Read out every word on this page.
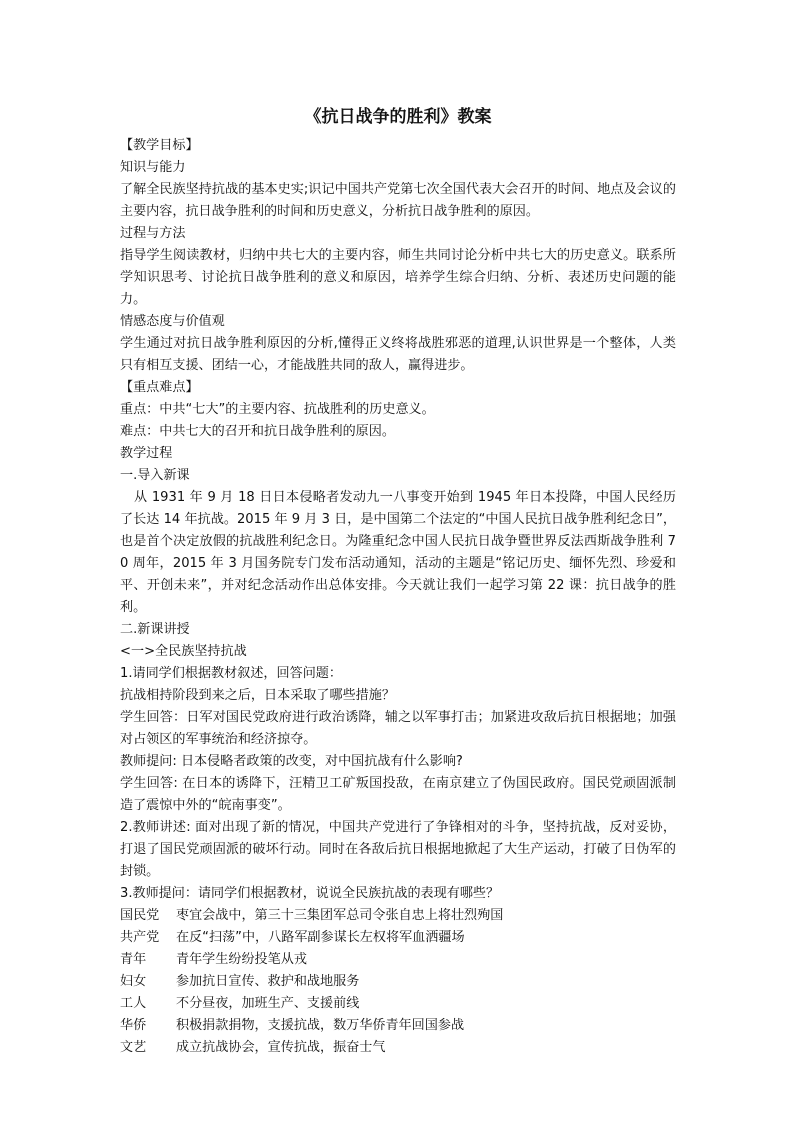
《抗日战争的胜利》教案

【教学目标】

知识与能力

了解全民族坚持抗战的基本史实;识记中国共产党第七次全国代表大会召开的时间、地点及会议的主要内容，抗日战争胜利的时间和历史意义，分析抗日战争胜利的原因。

过程与方法

指导学生阅读教材，归纳中共七大的主要内容，师生共同讨论分析中共七大的历史意义。联系所学知识思考、讨论抗日战争胜利的意义和原因，培养学生综合归纳、分析、表述历史问题的能力。

情感态度与价值观

学生通过对抗日战争胜利原因的分析,懂得正义终将战胜邪恶的道理,认识世界是一个整体，人类只有相互支援、团结一心，才能战胜共同的敌人，赢得进步。

【重点难点】

重点：中共“七大”的主要内容、抗战胜利的历史意义。

难点：中共七大的召开和抗日战争胜利的原因。

教学过程

一.导入新课

从 1931 年 9 月 18 日日本侵略者发动九一八事变开始到 1945 年日本投降，中国人民经历了长达 14 年抗战。2015 年 9 月 3 日，是中国第二个法定的“中国人民抗日战争胜利纪念日”，也是首个决定放假的抗战胜利纪念日。为隆重纪念中国人民抗日战争暨世界反法西斯战争胜利 70 周年，2015 年 3 月国务院专门发布活动通知，活动的主题是“铭记历史、缅怀先烈、珍爱和平、开创未来”，并对纪念活动作出总体安排。今天就让我们一起学习第 22 课：抗日战争的胜利。

二.新课讲授

<一>全民族坚持抗战

1.请同学们根据教材叙述，回答问题：

抗战相持阶段到来之后，日本采取了哪些措施？

学生回答：日军对国民党政府进行政治诱降，辅之以军事打击；加紧进攻敌后抗日根据地；加强对占领区的军事统治和经济掠夺。

教师提问: 日本侵略者政策的改变，对中国抗战有什么影响?

学生回答: 在日本的诱降下，汪精卫工矿叛国投敌，在南京建立了伪国民政府。国民党顽固派制造了震惊中外的“皖南事变”。

2.教师讲述: 面对出现了新的情况，中国共产党进行了争锋相对的斗争，坚持抗战，反对妥协，打退了国民党顽固派的破坏行动。同时在各敌后抗日根据地掀起了大生产运动，打破了日伪军的封锁。

3.教师提问：请同学们根据教材，说说全民族抗战的表现有哪些？

国民党	枣宜会战中，第三十三集团军总司令张自忠上将壮烈殉国
共产党	在反“扫荡”中，八路军副参谋长左权将军血洒疆场
青年	青年学生纷纷投笔从戎
妇女	参加抗日宣传、救护和战地服务
工人	不分昼夜，加班生产、支援前线
华侨	积极捐款捐物，支援抗战，数万华侨青年回国参战
文艺	成立抗战协会，宣传抗战，振奋士气
